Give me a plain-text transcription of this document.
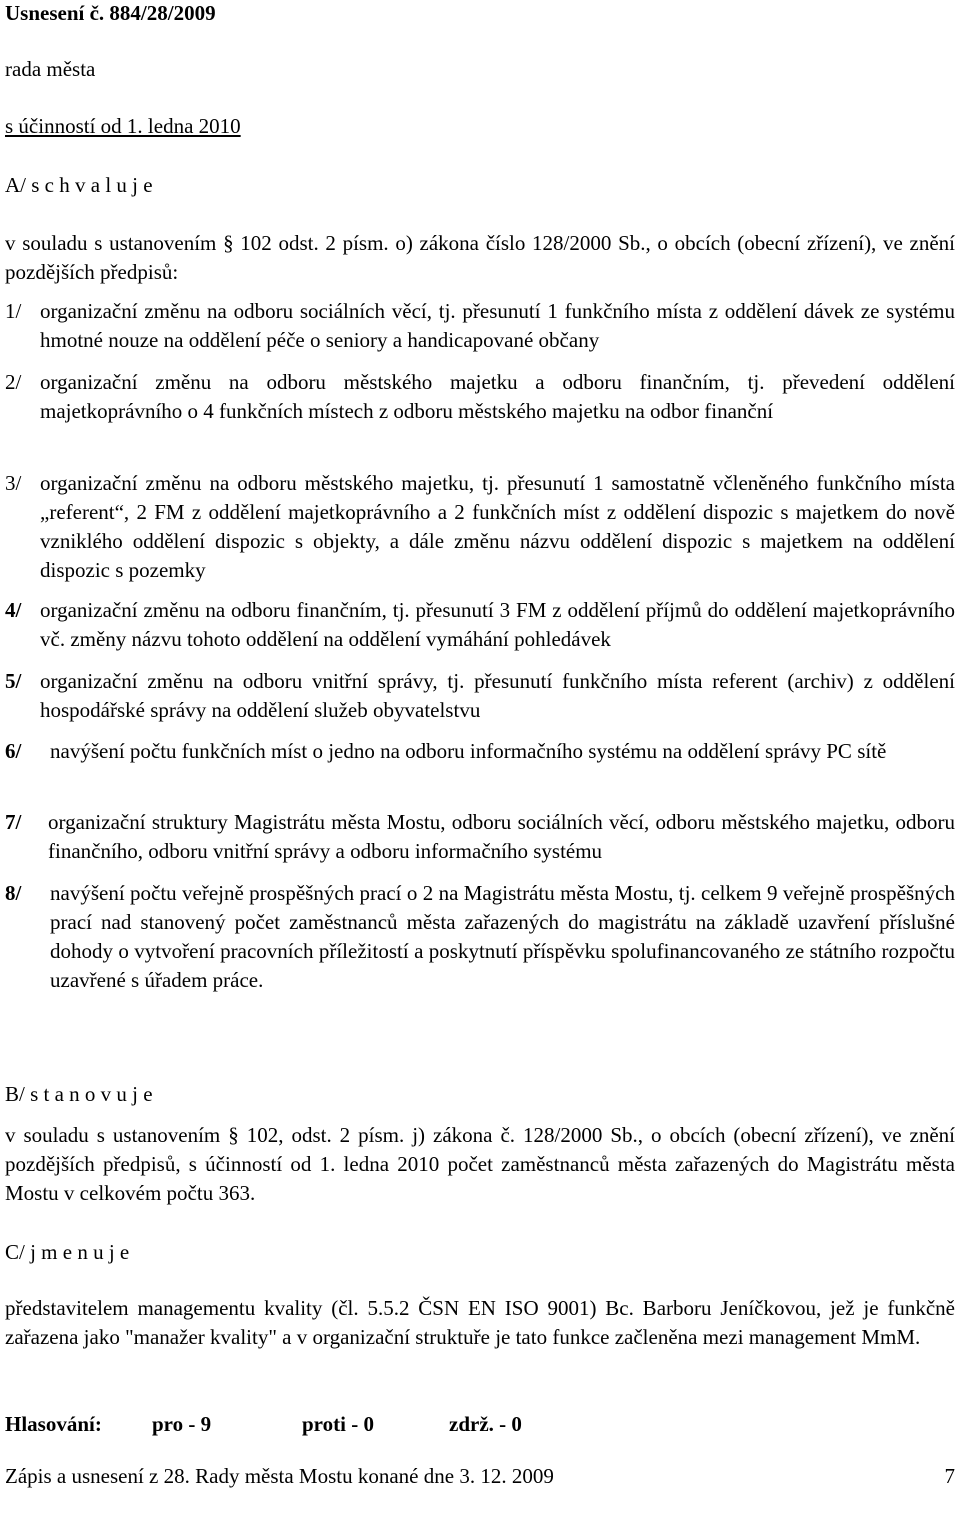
Usnesení č. 884/28/2009
rada města
s účinností od 1. ledna 2010
A/ s c h v a l u j e
v souladu s ustanovením § 102 odst. 2 písm. o) zákona číslo 128/2000 Sb., o obcích (obecní zřízení), ve znění pozdějších předpisů:
1/ organizační změnu na odboru sociálních věcí, tj. přesunutí 1 funkčního místa z oddělení dávek ze systému hmotné nouze na oddělení péče o seniory a handicapované občany
2/ organizační změnu na odboru městského majetku a odboru finančním, tj. převedení oddělení majetkoprávního o 4 funkčních místech z odboru městského majetku na odbor finanční
3/ organizační změnu na odboru městského majetku, tj. přesunutí 1 samostatně včleněného funkčního místa „referent“, 2 FM z oddělení majetkoprávního a 2 funkčních míst z oddělení dispozic s majetkem do nově vzniklého oddělení dispozic s objekty, a dále změnu názvu oddělení dispozic s majetkem na oddělení dispozic s pozemky
4/ organizační změnu na odboru finančním, tj. přesunutí 3 FM z oddělení příjmů do oddělení majetkoprávního vč. změny názvu tohoto oddělení na oddělení vymáhání pohledávek
5/ organizační změnu na odboru vnitřní správy, tj. přesunutí funkčního místa referent (archiv) z oddělení hospodářské správy na oddělení služeb obyvatelstvu
6/ navýšení počtu funkčních míst o jedno na odboru informačního systému na oddělení správy PC sítě
7/ organizační struktury Magistrátu města Mostu, odboru sociálních věcí, odboru městského majetku, odboru finančního, odboru vnitřní správy a odboru informačního systému
8/ navýšení počtu veřejně prospěšných prací o 2 na Magistrátu města Mostu, tj. celkem 9 veřejně prospěšných prací nad stanovený počet zaměstnanců města zařazených do magistrátu na základě uzavření příslušné dohody o vytvoření pracovních příležitostí a poskytnutí příspěvku spolufinancovaného ze státního rozpočtu uzavřené s úřadem práce.
B/ s t a n o v u j e
v souladu s ustanovením § 102, odst. 2 písm. j) zákona č. 128/2000 Sb., o obcích (obecní zřízení), ve znění pozdějších předpisů, s účinností od 1. ledna 2010 počet zaměstnanců města zařazených do Magistrátu města Mostu v celkovém počtu 363.
C/ j m e n u j e
představitelem managementu kvality (čl. 5.5.2 ČSN EN ISO 9001) Bc. Barboru Jeníčkovou, jež je funkčně zařazena jako "manažer kvality" a v organizační struktuře je tato funkce začleněna mezi management MmM.
Hlasování: pro - 9	proti - 0	zdrž. - 0
Zápis a usnesení z 28. Rady města Mostu konané dne 3. 12. 2009	7
